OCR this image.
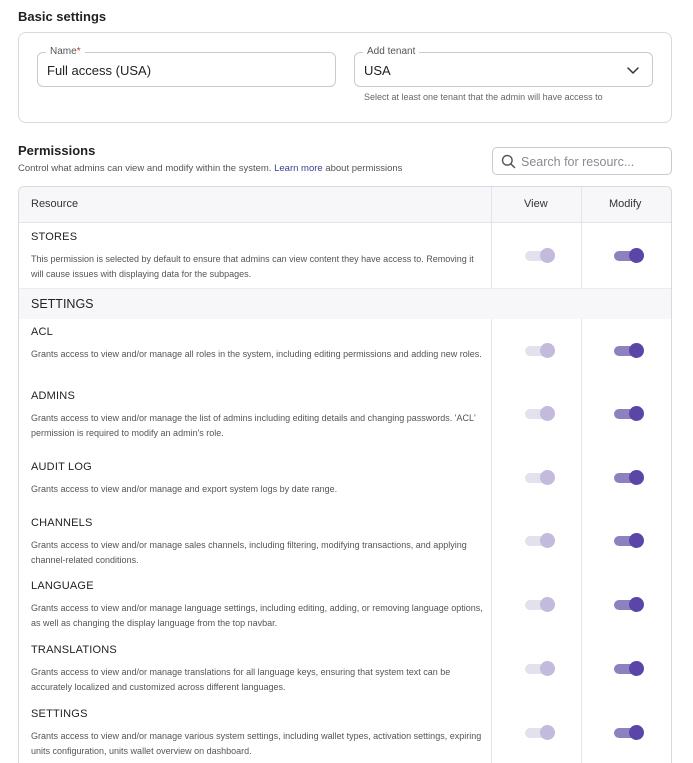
Basic settings
Name*
Full access (USA)
Add tenant
USA
Select at least one tenant that the admin will have access to
Permissions
Control what admins can view and modify within the system. Learn more about permissions
Search for resourc...
Resource	View	Modify
STORES
This permission is selected by default to ensure that admins can view content they have access to. Removing it will cause issues with displaying data for the subpages.
SETTINGS
ACL
Grants access to view and/or manage all roles in the system, including editing permissions and adding new roles.
ADMINS
Grants access to view and/or manage the list of admins including editing details and changing passwords. 'ACL' permission is required to modify an admin's role.
AUDIT LOG
Grants access to view and/or manage and export system logs by date range.
CHANNELS
Grants access to view and/or manage sales channels, including filtering, modifying transactions, and applying channel-related conditions.
LANGUAGE
Grants access to view and/or manage language settings, including editing, adding, or removing language options, as well as changing the display language from the top navbar.
TRANSLATIONS
Grants access to view and/or manage translations for all language keys, ensuring that system text can be accurately localized and customized across different languages.
SETTINGS
Grants access to view and/or manage various system settings, including wallet types, activation settings, expiring units configuration, units wallet overview on dashboard.
